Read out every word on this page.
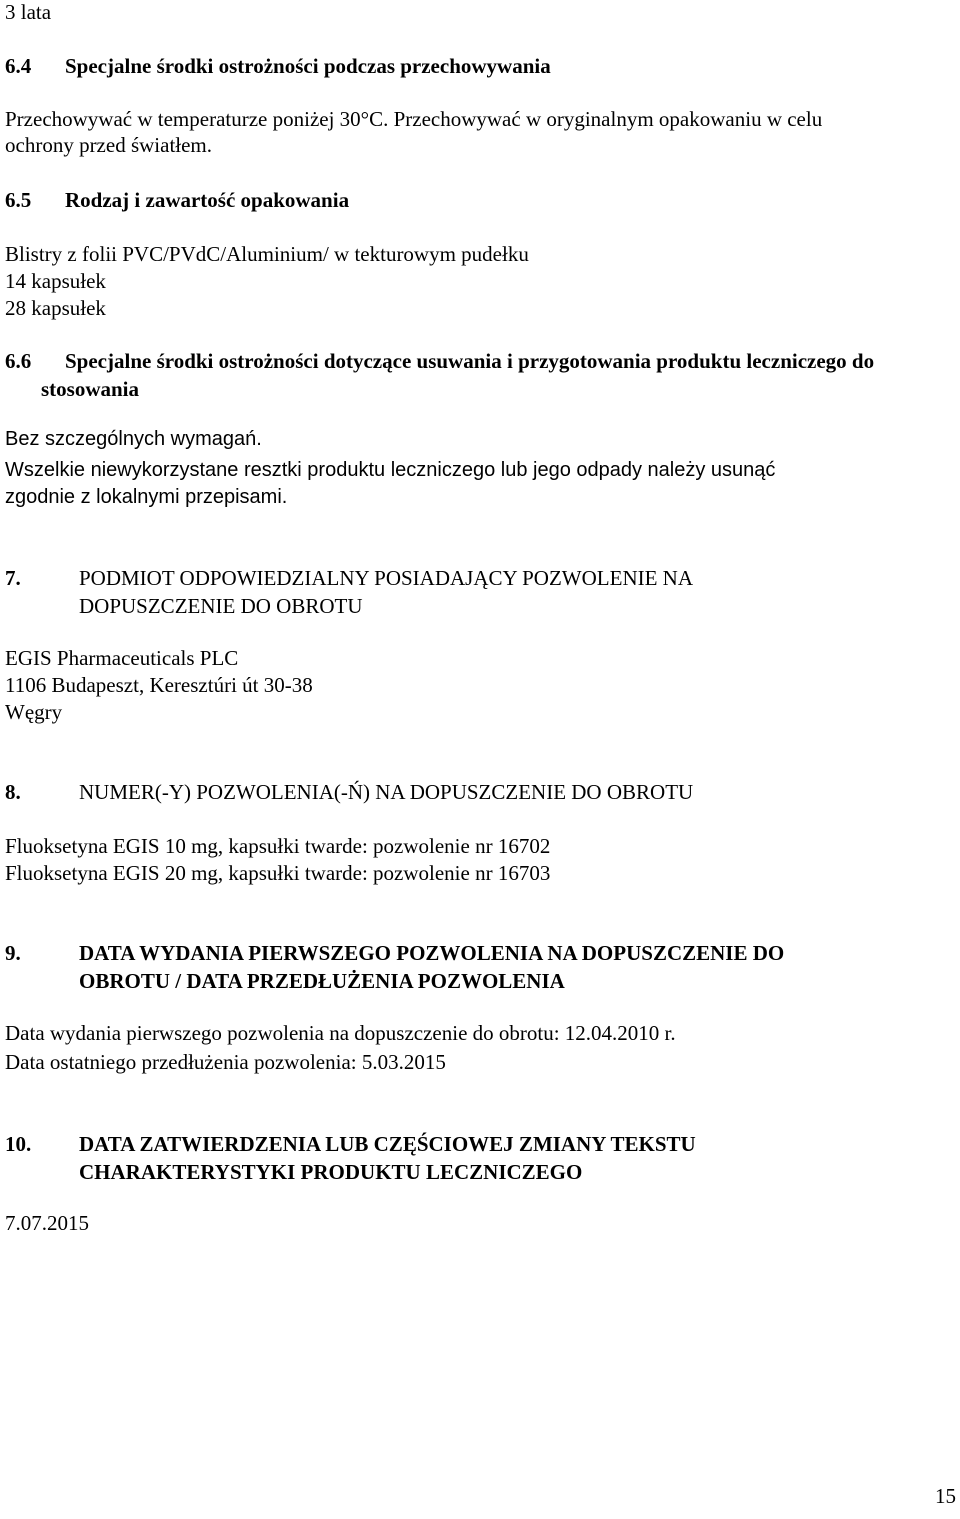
3 lata
6.4	Specjalne środki ostrożności podczas przechowywania
Przechowywać w temperaturze poniżej 30°C. Przechowywać w oryginalnym opakowaniu w celu
ochrony przed światłem.
6.5	Rodzaj i zawartość opakowania
Blistry z folii PVC/PVdC/Aluminium/ w tekturowym pudełku
14 kapsułek
28 kapsułek
6.6	Specjalne środki ostrożności dotyczące usuwania i przygotowania produktu leczniczego do
stosowania
Bez szczególnych wymagań.
Wszelkie niewykorzystane resztki produktu leczniczego lub jego odpady należy usunąć
zgodnie z lokalnymi przepisami.
7.	PODMIOT ODPOWIEDZIALNY POSIADAJĄCY POZWOLENIE NA
DOPUSZCZENIE DO OBROTU
EGIS Pharmaceuticals PLC
1106 Budapeszt, Keresztúri út 30-38
Węgry
8.	NUMER(-Y) POZWOLENIA(-Ń) NA DOPUSZCZENIE DO OBROTU
Fluoksetyna EGIS 10 mg, kapsułki twarde: pozwolenie nr 16702
Fluoksetyna EGIS 20 mg, kapsułki twarde: pozwolenie nr 16703
9.	DATA WYDANIA PIERWSZEGO POZWOLENIA NA DOPUSZCZENIE DO
OBROTU / DATA PRZEDŁUŻENIA POZWOLENIA
Data wydania pierwszego pozwolenia na dopuszczenie do obrotu: 12.04.2010 r.
Data ostatniego przedłużenia pozwolenia: 5.03.2015
10.	DATA ZATWIERDZENIA LUB CZĘŚCIOWEJ ZMIANY TEKSTU
CHARAKTERYSTYKI PRODUKTU LECZNICZEGO
7.07.2015
15
